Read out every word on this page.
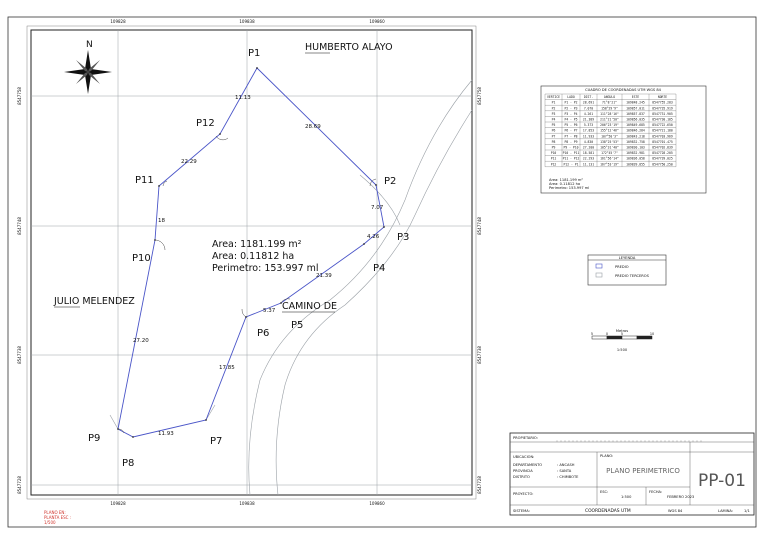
109828	109838	109860
109828	109838	109860
8547758
8547748
8547738
8547728
8547758
8547748
8547738
8547728
N
P1
P2
P3
P4
P5
P6
P7
P8
P9
P10
P11
P12	28.69
7.07
4.26
21.39
5.37
17.85
11.93
27.20
18
22.29
11.13
HUMBERTO ALAYO
JULIO MELENDEZ	CAMINO DE
Area: 1181.199 m²
Area: 0.11812 ha
Perimetro: 153.997 ml
CUADRO DE COORDENADAS UTM WGS 84
VERTICE LADO	DIST.	ANGULO	ESTE	NORTE
P1	P1 - P2 28.691	71°8'21"	109848.245 8547755.283
P2	P2 - P3 7.070	158°29'9"	109857.011 8547735.919
P3	P3 - P4 4.261 111°28'16" 109857.837 8547731.905
P4	P4 - P5 21.389 211°21'50" 109856.035 8547730.185
P5	P5 - P6 5.373 206°23'19" 109849.685 8547722.650
P6	P6 - P7 17.853 155°12'46" 109846.284 8547721.180
P7	P7 - P8 11.933 107°50'3"	109843.218 8547703.969
P8	P8 - P9 4.830 138°25'53" 109832.758 8547701.475
P9	P9 - P10 27.200 105°31'40" 109830.103 8547702.839
P10 P10 - P11 18.581 172°45'7"	109832.981 8547728.205
P11 P11 - P12 22.293 161°56'14" 109836.058 8547739.025
P12 P12 - P1 11.131 167°53'19" 109839.855 8547750.250
Area: 1181.199 m²
Area: 0.11812 ha
Perimetro: 153.997 ml
LEYENDA
PREDIO
PREDIO TERCEROS
Metros
5	0	5	10
1:500
PROPIETARIO:
UBICACION:
DEPARTAMENTO	: ANCASH
PROVINCIA	: SANTA
DISTRITO	: CHIMBOTE
PLANO:
PLANO PERIMETRICO PP-01
PROYECTO:	ESC:
1:500
FECHA:
FEBRERO 2023
SISTEMA:	COORDENADAS UTM	WGS 84	LAMINA:	1/1
PLANO EN:
PLANTA ESC :
1/500
